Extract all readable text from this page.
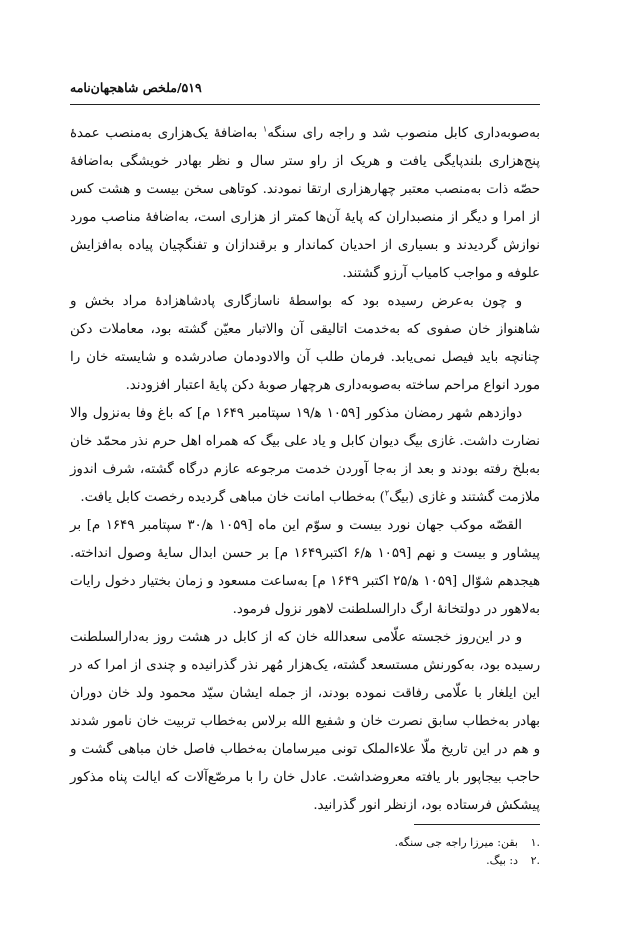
۵۱۹/ملخص شاهجهان‌نامه

به‌صوبه‌داری کابل منصوب شد و راجه رای سنگه$^۱$ به‌اضافهٔ یک‌هزاری به‌منصب عمدهٔ پنج‌هزاری بلندپایگی یافت و هریک از راو ستر سال و نظر بهادر خویشگی به‌اضافهٔ حصّه ذات به‌منصب معتبر چهارهزاری ارتقا نمودند. کوتاهی سخن بیست و هشت کس از امرا و دیگر از منصبداران که پایهٔ آن‌ها کمتر از هزاری است، به‌اضافهٔ مناصب مورد نوازش گردیدند و بسیاری از احدیان کماندار و برقندازان و تفنگچیان پیاده به‌افزایش علوفه و مواجب کامیاب آرزو گشتند.

و چون به‌عرض رسیده بود که بواسطهٔ ناسازگاری پادشاهزادهٔ مراد بخش و شاهنواز خان صفوی که به‌خدمت اتالیقی آن والاتبار معیّن گشته بود، معاملات دکن چنانچه باید فیصل نمی‌یابد. فرمان طلب آن والادودمان صادرشده و شایسته خان را مورد انواع مراحم ساخته به‌صوبه‌داری هرچهار صوبهٔ دکن پایهٔ اعتبار افزودند.

دوازدهم شهر رمضان مذکور [۱۰۵۹ ه‍/۱۹ سپتامبر ۱۶۴۹ م] که باغ وفا به‌نزول والا نضارت داشت. غازی بیگ دیوان کابل و یاد علی بیگ که همراه اهل حرم نذر محمّد خان به‌بلخ رفته بودند و بعد از به‌جا آوردن خدمت مرجوعه عازم درگاه گشته، شرف اندوز ملازمت گشتند و غازی (بیگ$^۲$) به‌خطاب امانت خان مباهی گردیده رخصت کابل یافت.

القصّه موکب جهان نورد بیست و سوّم این ماه [۱۰۵۹ ه‍/۳۰ سپتامبر ۱۶۴۹ م] بر پیشاور و بیست و نهم [۱۰۵۹ ه‍/۶ اکتبر۱۶۴۹ م] بر حسن ابدال سایهٔ وصول انداخته. هیجدهم شوّال [۱۰۵۹ ه‍/۲۵ اکتبر ۱۶۴۹ م] به‌ساعت مسعود و زمان بختیار دخول رایات به‌لاهور در دولتخانهٔ ارگ دارالسلطنت لاهور نزول فرمود.

و در این‌روز خجسته علّامی سعدالله خان که از کابل در هشت روز به‌دارالسلطنت رسیده بود، به‌کورنش مستسعد گشته، یک‌هزار مُهر نذر گذرانیده و چندی از امرا که در این ایلغار با علّامی رفاقت نموده بودند، از جمله ایشان سیّد محمود ولد خان دوران بهادر به‌خطاب سابق نصرت خان و شفیع الله برلاس به‌خطاب تربیت خان نامور شدند و هم در این تاریخ ملّا علاءالملک تونی میرسامان به‌خطاب فاصل خان مباهی گشت و حاجب بیجاپور بار یافته معروضداشت. عادل خان را با مرصّع‌آلات که ایالت پناه مذکور پیشکش فرستاده بود، ازنظر انور گذرانید.

.۱
بقن: میرزا راجه جی سنگه.
.۲
د: بیگ.
